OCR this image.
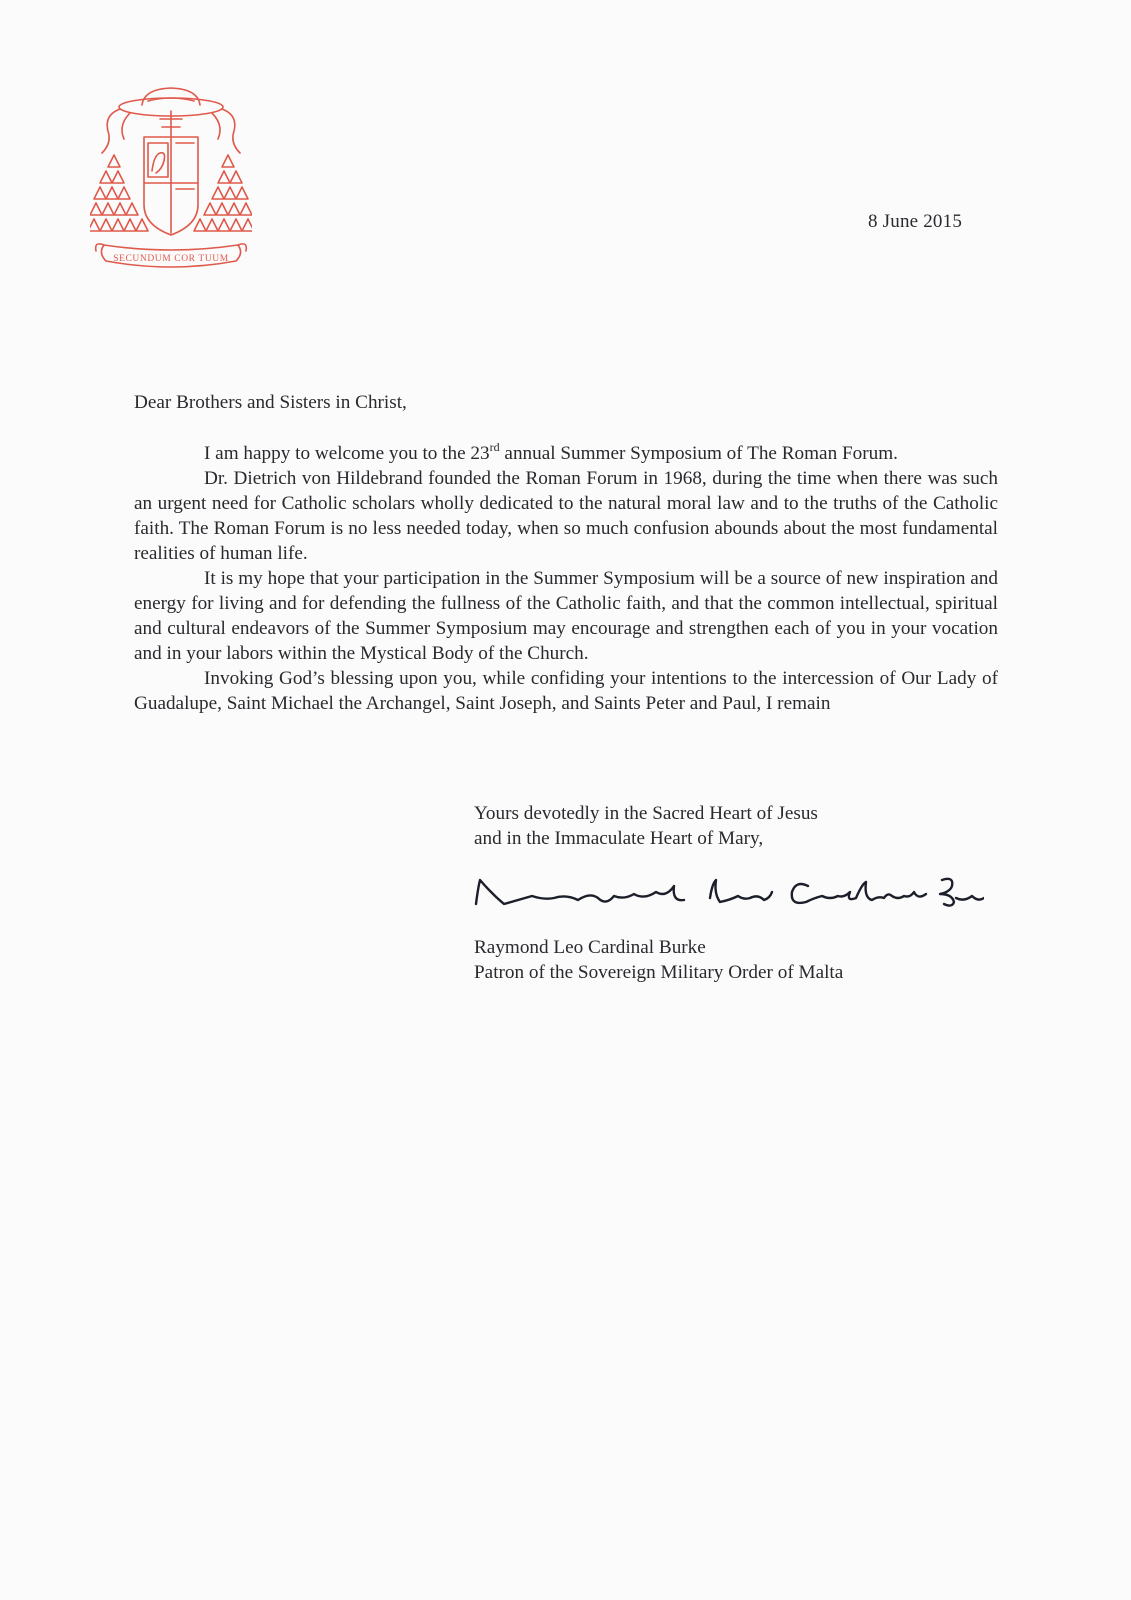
SECUNDUM COR TUUM
8 June 2015

Dear Brothers and Sisters in Christ,

I am happy to welcome you to the 23rd annual Summer Symposium of The Roman Forum.

Dr. Dietrich von Hildebrand founded the Roman Forum in 1968, during the time when there was such an urgent need for Catholic scholars wholly dedicated to the natural moral law and to the truths of the Catholic faith. The Roman Forum is no less needed today, when so much confusion abounds about the most fundamental realities of human life.

It is my hope that your participation in the Summer Symposium will be a source of new inspiration and energy for living and for defending the fullness of the Catholic faith, and that the common intellectual, spiritual and cultural endeavors of the Summer Symposium may encourage and strengthen each of you in your vocation and in your labors within the Mystical Body of the Church.

Invoking God’s blessing upon you, while confiding your intentions to the intercession of Our Lady of Guadalupe, Saint Michael the Archangel, Saint Joseph, and Saints Peter and Paul, I remain

Yours devotedly in the Sacred Heart of Jesus
and in the Immaculate Heart of Mary,
Raymond Leo Cardinal Burke
Patron of the Sovereign Military Order of Malta
